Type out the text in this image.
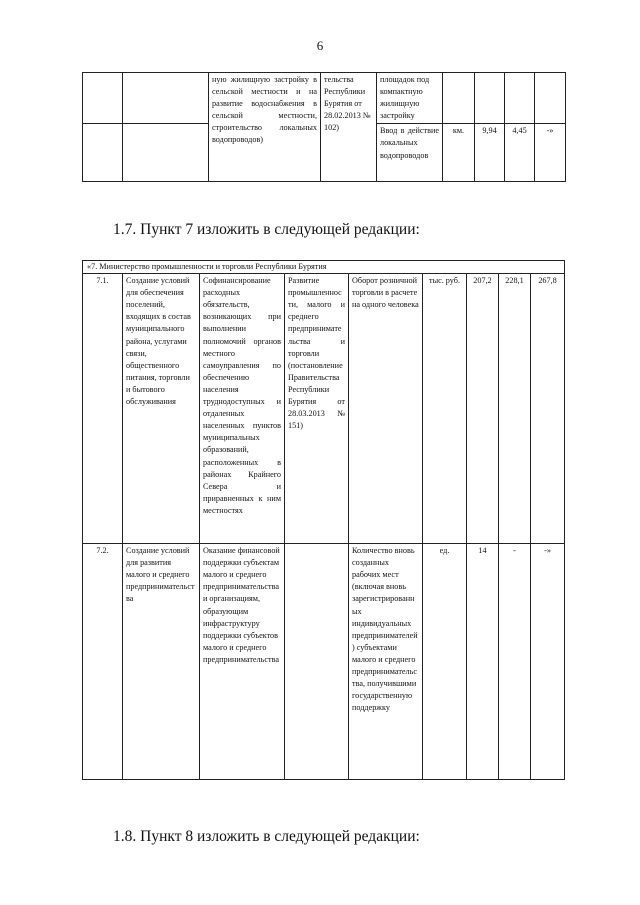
6
		ную жилищную застройку в сельской местности и на развитие водоснабжения в сельской местности, строительство локальных водопроводов)	тельства Республики Бурятия от 28.02.2013 № 102)	площадок под компактную жилищную застройку				
				Ввод в действие локальных водопроводов	км.	9,94	4,45	-»
1.7. Пункт 7 изложить в следующей редакции:
«7. Министерство промышленности и торговли Республики Бурятия								
7.1.	Создание условий для обеспечения поселений, входящих в состав муниципального района, услугами связи, общественного питания, торговли и бытового обслуживания	Софинансирование расходных обязательств, возникающих при выполнении полномочий органов местного самоуправления по обеспечению населения труднодоступных и отдаленных населенных пунктов муниципальных образований, расположенных в районах Крайнего Севера и приравненных к ним местностях	Развитие промышленности, малого и среднего предпринимательства и торговли (постановление Правительства Республики Бурятия от 28.03.2013 № 151)	Оборот розничной торговли в расчете на одного человека	тыс. руб.	207,2	228,1	267,8
7.2.	Создание условий для развития малого и среднего предпринимательства	Оказание финансовой поддержки субъектам малого и среднего предпринимательства и организациям, образующим инфраструктуру поддержки субъектов малого и среднего предпринимательства		Количество вновь созданных рабочих мест (включая вновь зарегистрированных индивидуальных предпринимателей) субъектами малого и среднего предпринимательства, получившими государственную поддержку	ед.	14	-	-»
1.8. Пункт 8 изложить в следующей редакции:
